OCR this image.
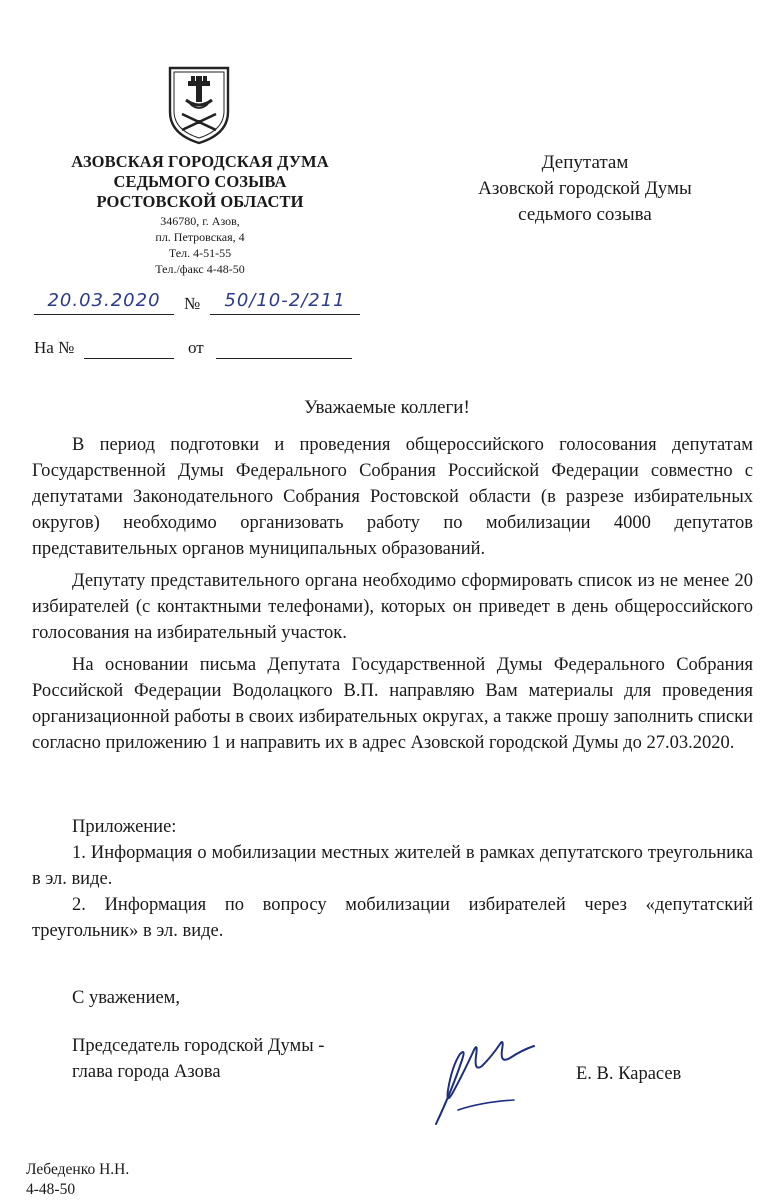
АЗОВСКАЯ ГОРОДСКАЯ ДУМА
СЕДЬМОГО СОЗЫВА
РОСТОВСКОЙ ОБЛАСТИ
346780, г. Азов,
пл. Петровская, 4
Тел. 4-51-55
Тел./факс 4-48-50
Депутатам
Азовской городской Думы
седьмого созыва
20.03.2020	№	50/10-2/211
На №	от
Уважаемые коллеги!

В период подготовки и проведения общероссийского голосования депутатам Государственной Думы Федерального Собрания Российской Федерации совместно с депутатами Законодательного Собрания Ростовской области (в разрезе избирательных округов) необходимо организовать работу по мобилизации 4000 депутатов представительных органов муниципальных образований.

Депутату представительного органа необходимо сформировать список из не менее 20 избирателей (с контактными телефонами), которых он приведет в день общероссийского голосования на избирательный участок.

На основании письма Депутата Государственной Думы Федерального Собрания Российской Федерации Водолацкого В.П. направляю Вам материалы для проведения организационной работы в своих избирательных округах, а также прошу заполнить списки согласно приложению 1 и направить их в адрес Азовской городской Думы до 27.03.2020.

Приложение:

1. Информация о мобилизации местных жителей в рамках депутатского треугольника в эл. виде.

2. Информация по вопросу мобилизации избирателей через «депутатский треугольник» в эл. виде.

С уважением,
Председатель городской Думы -
глава города Азова	Е. В. Карасев
Лебеденко Н.Н.
4-48-50
